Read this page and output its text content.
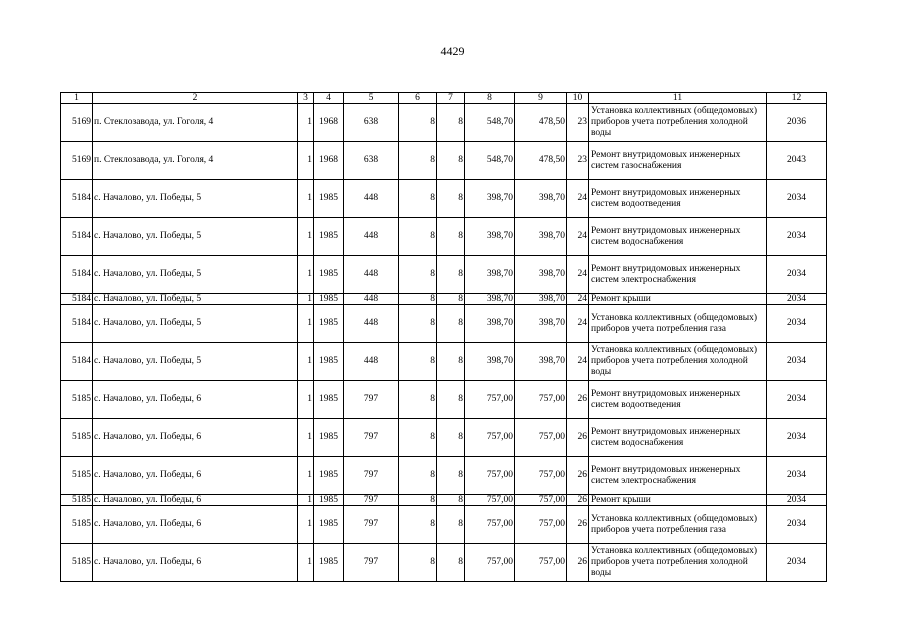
4429
1	2	3	4	5	6	7	8	9	10	11	12
5169	п. Стеклозавода, ул. Гоголя, 4	1	1968	638	8	8	548,70	478,50	23	Установка коллективных (общедомовых) приборов учета потребления холодной воды	2036
5169	п. Стеклозавода, ул. Гоголя, 4	1	1968	638	8	8	548,70	478,50	23	Ремонт внутридомовых инженерных систем газоснабжения	2043
5184	с. Началово, ул. Победы, 5	1	1985	448	8	8	398,70	398,70	24	Ремонт внутридомовых инженерных систем водоотведения	2034
5184	с. Началово, ул. Победы, 5	1	1985	448	8	8	398,70	398,70	24	Ремонт внутридомовых инженерных систем водоснабжения	2034
5184	с. Началово, ул. Победы, 5	1	1985	448	8	8	398,70	398,70	24	Ремонт внутридомовых инженерных систем электроснабжения	2034
5184	с. Началово, ул. Победы, 5	1	1985	448	8	8	398,70	398,70	24	Ремонт крыши	2034
5184	с. Началово, ул. Победы, 5	1	1985	448	8	8	398,70	398,70	24	Установка коллективных (общедомовых) приборов учета потребления газа	2034
5184	с. Началово, ул. Победы, 5	1	1985	448	8	8	398,70	398,70	24	Установка коллективных (общедомовых) приборов учета потребления холодной воды	2034
5185	с. Началово, ул. Победы, 6	1	1985	797	8	8	757,00	757,00	26	Ремонт внутридомовых инженерных систем водоотведения	2034
5185	с. Началово, ул. Победы, 6	1	1985	797	8	8	757,00	757,00	26	Ремонт внутридомовых инженерных систем водоснабжения	2034
5185	с. Началово, ул. Победы, 6	1	1985	797	8	8	757,00	757,00	26	Ремонт внутридомовых инженерных систем электроснабжения	2034
5185	с. Началово, ул. Победы, 6	1	1985	797	8	8	757,00	757,00	26	Ремонт крыши	2034
5185	с. Началово, ул. Победы, 6	1	1985	797	8	8	757,00	757,00	26	Установка коллективных (общедомовых) приборов учета потребления газа	2034
5185	с. Началово, ул. Победы, 6	1	1985	797	8	8	757,00	757,00	26	Установка коллективных (общедомовых) приборов учета потребления холодной воды	2034
